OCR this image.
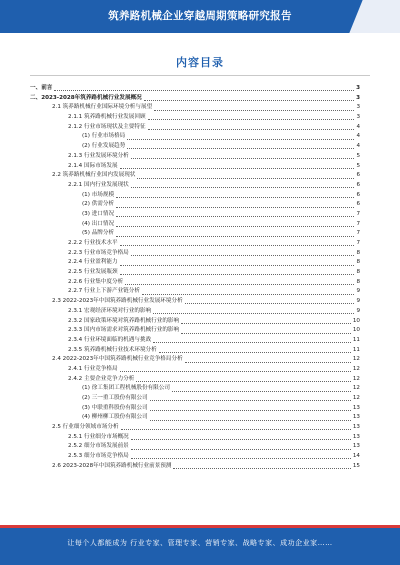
筑养路机械企业穿越周期策略研究报告
内容目录
一、前言	3
二、2023-2028年筑养路机械行业发展概况	3
2.1 筑养路机械行业国际环境分析与展望	3
2.1.1 筑养路机械行业发展回顾	3
2.1.2 行业市场现状及主要特征	4
(1) 行业市场格局	4
(2) 行业发展趋势	4
2.1.3 行业发展环境分析	5
2.1.4 国际市场发展	5
2.2 筑养路机械行业国内发展现状	6
2.2.1 国内行业发展现状	6
(1) 市场规模	6
(2) 供需分析	6
(3) 进口情况	7
(4) 出口情况	7
(5) 品牌分析	7
2.2.2 行业技术水平	7
2.2.3 行业市场竞争格局	8
2.2.4 行业盈利能力	8
2.2.5 行业发展瓶颈	8
2.2.6 行业集中度分析	8
2.2.7 行业上下游产业链分析	9
2.3 2022-2023年中国筑养路机械行业发展环境分析	9
2.3.1 宏观经济环境对行业的影响	9
2.3.2 国家政策环境对筑养路机械行业的影响	10
2.3.3 国内市场需求对筑养路机械行业的影响	10
2.3.4 行业环境面临的机遇与挑战	11
2.3.5 筑养路机械行业技术环境分析	11
2.4 2022-2023年中国筑养路机械行业竞争格局分析	12
2.4.1 行业竞争格局	12
2.4.2 主要企业竞争力分析	12
(1) 徐工集团工程机械股份有限公司	12
(2) 三一重工股份有限公司	12
(3) 中联重科股份有限公司	13
(4) 柳州柳工股份有限公司	13
2.5 行业细分领域市场分析	13
2.5.1 行业细分市场概况	13
2.5.2 细分市场发展前景	13
2.5.3 细分市场竞争格局	14
2.6 2023-2028年中国筑养路机械行业前景预测	15
让每个人都能成为 行业专家、管理专家、营销专家、战略专家、成功企业家……
